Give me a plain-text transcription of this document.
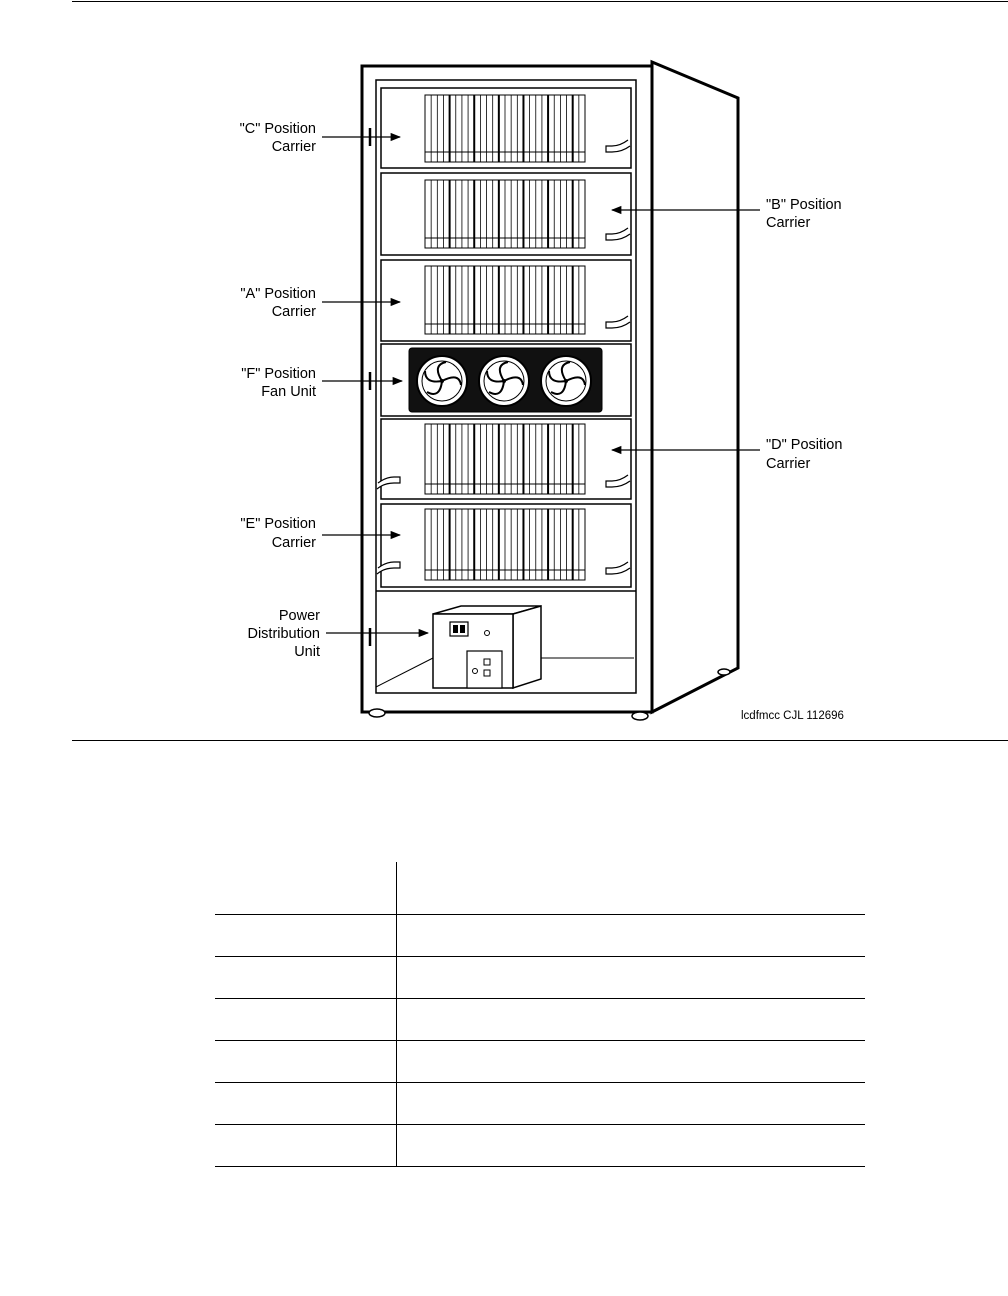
"C" Position
Carrier
"B" Position
Carrier
"A" Position
Carrier
"F" Position
Fan Unit
"D" Position
Carrier
"E" Position
Carrier
Power
Distribution
Unit
lcdfmcc CJL 112696
